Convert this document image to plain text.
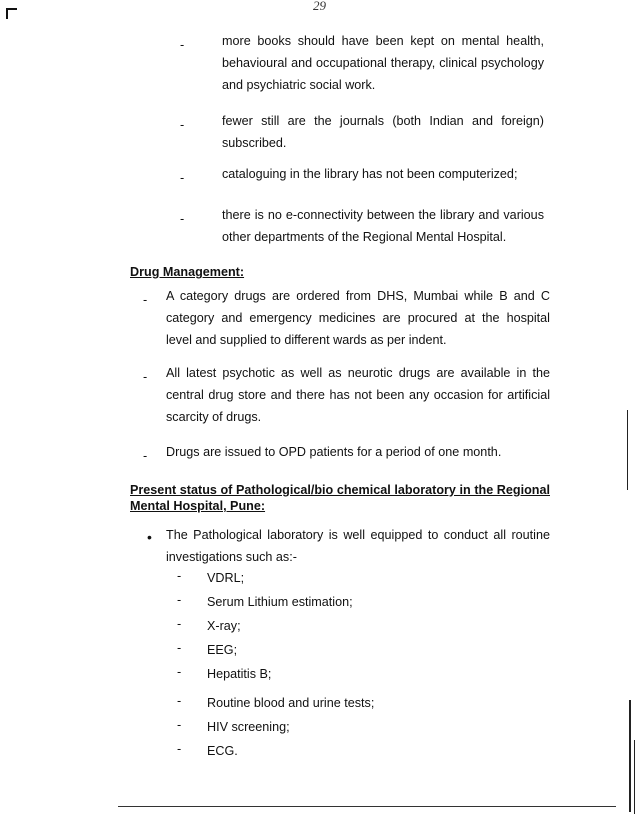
29
-	more books should have been kept on mental health, behavioural and occupational therapy, clinical psychology and psychiatric social work.
-	fewer still are the journals (both Indian and foreign) subscribed.
-	cataloguing in the library has not been computerized;
-	there is no e-connectivity between the library and various other departments of the Regional Mental Hospital.
Drug Management:
- A category drugs are ordered from DHS, Mumbai while B and C category and emergency medicines are procured at the hospital level and supplied to different wards as per indent.
- All latest psychotic as well as neurotic drugs are available in the central drug store and there has not been any occasion for artificial scarcity of drugs.
- Drugs are issued to OPD patients for a period of one month.
Present status of Pathological/bio chemical laboratory in the Regional Mental Hospital, Pune:
• The Pathological laboratory is well equipped to conduct all routine investigations such as:-
- VDRL;
- Serum Lithium estimation;
- X-ray;
- EEG;
- Hepatitis B;
- Routine blood and urine tests;
- HIV screening;
- ECG.
